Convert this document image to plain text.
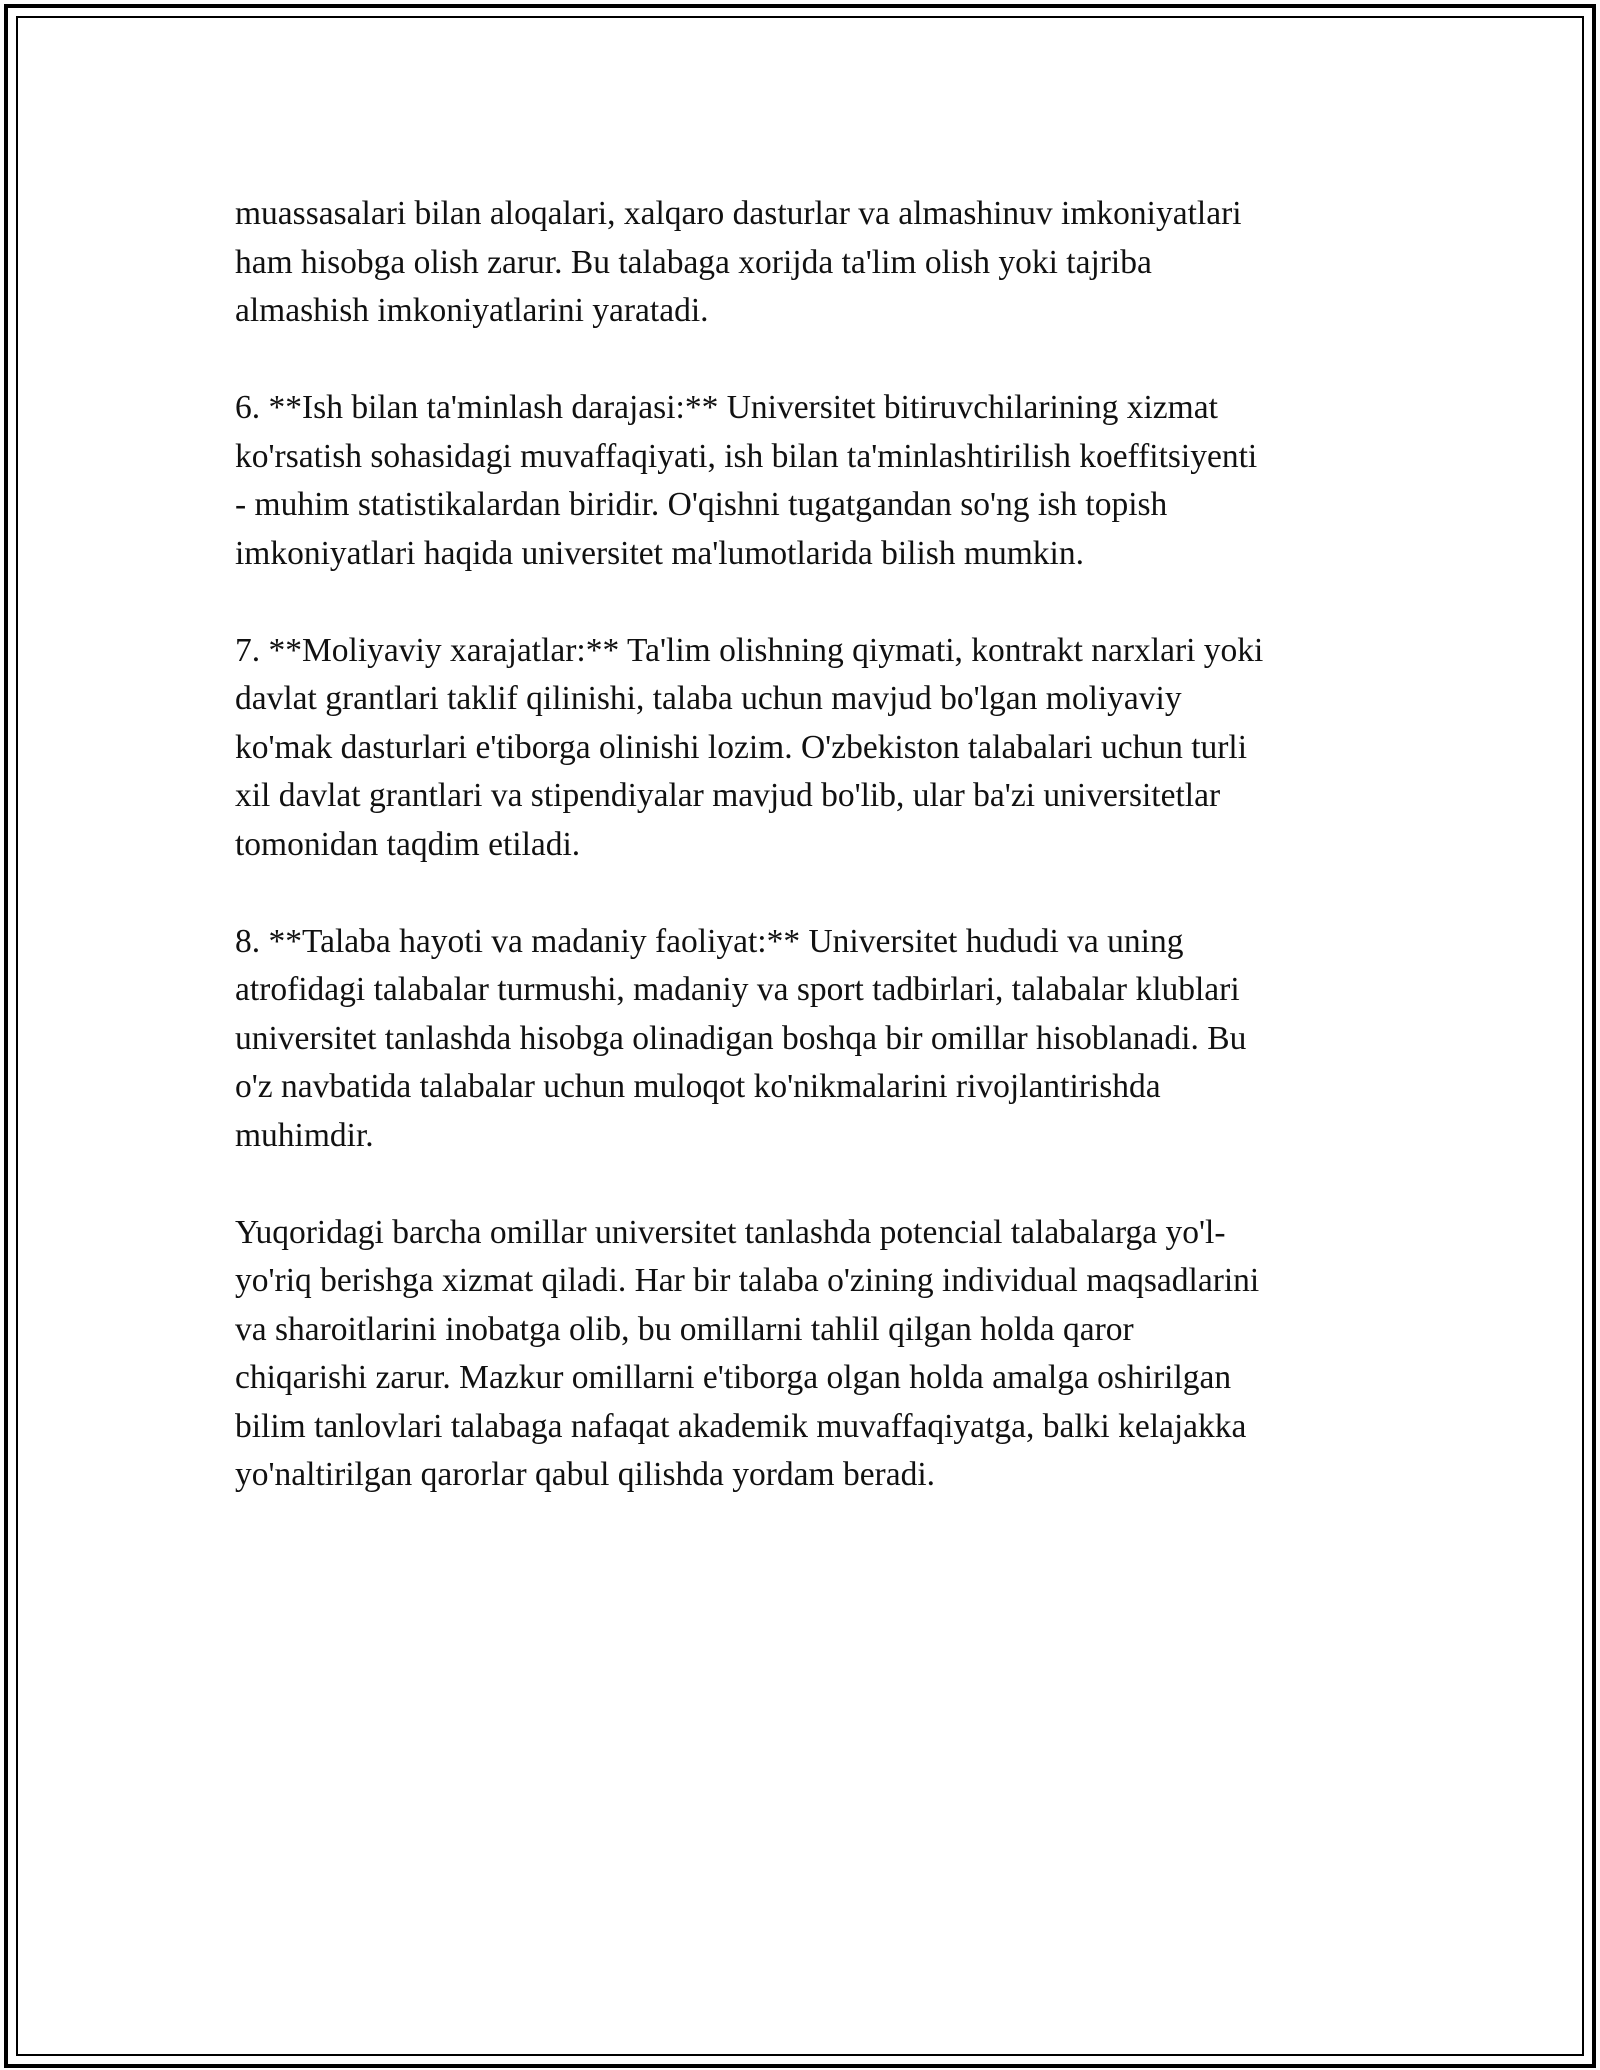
muassasalari bilan aloqalari, xalqaro dasturlar va almashinuv imkoniyatlari
ham hisobga olish zarur. Bu talabaga xorijda ta'lim olish yoki tajriba
almashish imkoniyatlarini yaratadi.

6. **Ish bilan ta'minlash darajasi:** Universitet bitiruvchilarining xizmat
ko'rsatish sohasidagi muvaffaqiyati, ish bilan ta'minlashtirilish koeffitsiyenti
- muhim statistikalardan biridir. O'qishni tugatgandan so'ng ish topish
imkoniyatlari haqida universitet ma'lumotlarida bilish mumkin.

7. **Moliyaviy xarajatlar:** Ta'lim olishning qiymati, kontrakt narxlari yoki
davlat grantlari taklif qilinishi, talaba uchun mavjud bo'lgan moliyaviy
ko'mak dasturlari e'tiborga olinishi lozim. O'zbekiston talabalari uchun turli
xil davlat grantlari va stipendiyalar mavjud bo'lib, ular ba'zi universitetlar
tomonidan taqdim etiladi.

8. **Talaba hayoti va madaniy faoliyat:** Universitet hududi va uning
atrofidagi talabalar turmushi, madaniy va sport tadbirlari, talabalar klublari
universitet tanlashda hisobga olinadigan boshqa bir omillar hisoblanadi. Bu
o'z navbatida talabalar uchun muloqot ko'nikmalarini rivojlantirishda
muhimdir.

Yuqoridagi barcha omillar universitet tanlashda potencial talabalarga yo'l-
yo'riq berishga xizmat qiladi. Har bir talaba o'zining individual maqsadlarini
va sharoitlarini inobatga olib, bu omillarni tahlil qilgan holda qaror
chiqarishi zarur. Mazkur omillarni e'tiborga olgan holda amalga oshirilgan
bilim tanlovlari talabaga nafaqat akademik muvaffaqiyatga, balki kelajakka
yo'naltirilgan qarorlar qabul qilishda yordam beradi.
